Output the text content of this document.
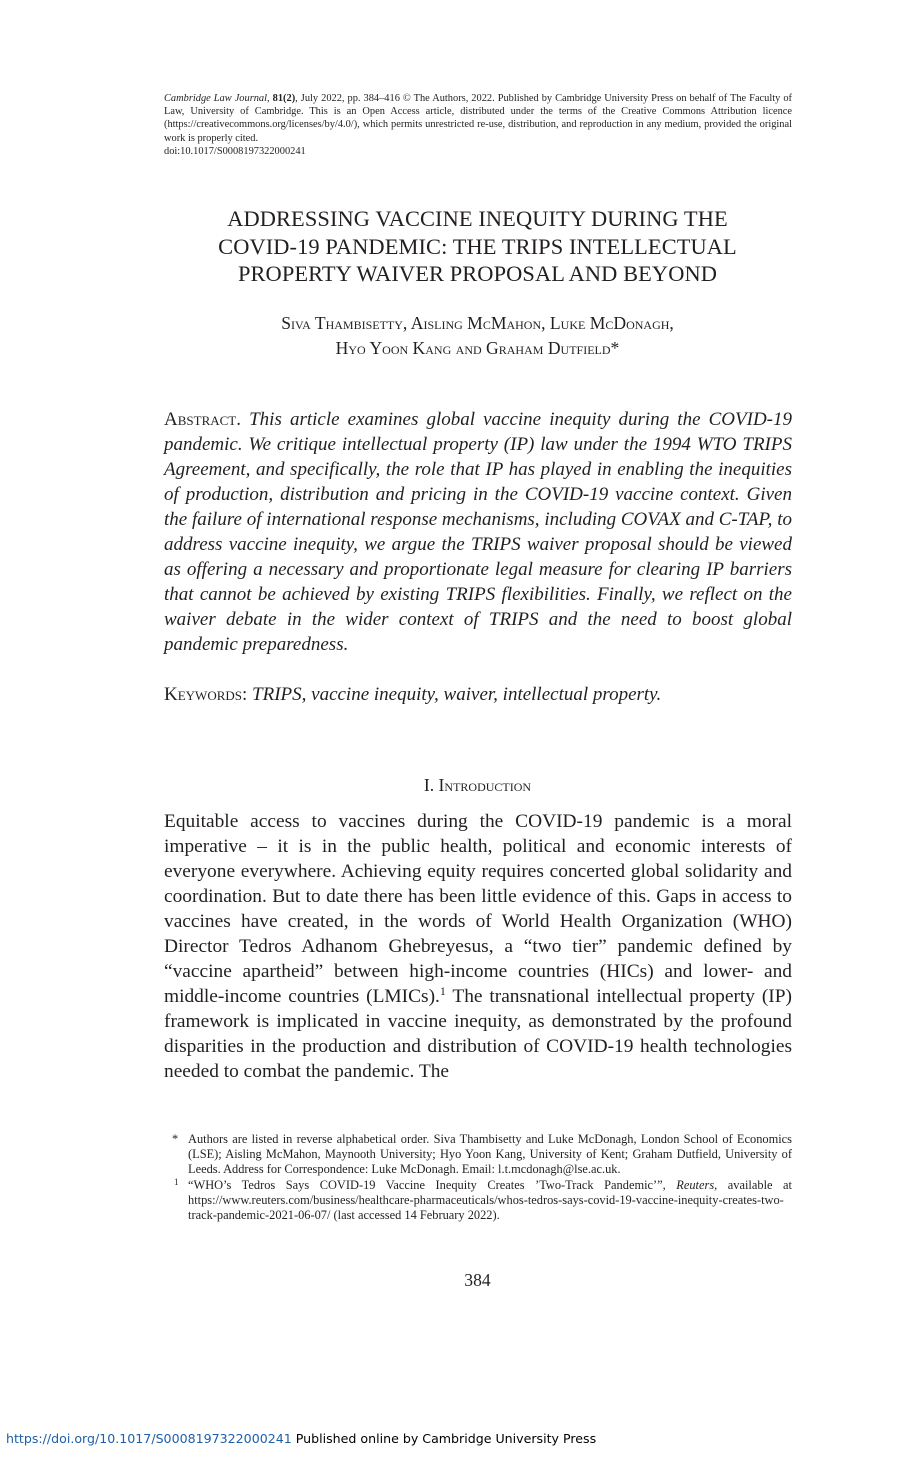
Cambridge Law Journal, 81(2), July 2022, pp. 384–416 © The Authors, 2022. Published by Cambridge University Press on behalf of The Faculty of Law, University of Cambridge. This is an Open Access article, distributed under the terms of the Creative Commons Attribution licence (https://creativecommons.org/licenses/by/4.0/), which permits unrestricted re-use, distribution, and reproduction in any medium, provided the original work is properly cited.
doi:10.1017/S0008197322000241
ADDRESSING VACCINE INEQUITY DURING THE
COVID-19 PANDEMIC: THE TRIPS INTELLECTUAL
PROPERTY WAIVER PROPOSAL AND BEYOND
Siva Thambisetty, Aisling McMahon, Luke McDonagh,
Hyo Yoon Kang and Graham Dutfield*
Abstract. This article examines global vaccine inequity during the COVID-19 pandemic. We critique intellectual property (IP) law under the 1994 WTO TRIPS Agreement, and specifically, the role that IP has played in enabling the inequities of production, distribution and pricing in the COVID-19 vaccine context. Given the failure of international response mechanisms, including COVAX and C-TAP, to address vaccine inequity, we argue the TRIPS waiver proposal should be viewed as offering a necessary and proportionate legal measure for clearing IP barriers that cannot be achieved by existing TRIPS flexibilities. Finally, we reflect on the waiver debate in the wider context of TRIPS and the need to boost global pandemic preparedness.
Keywords: TRIPS, vaccine inequity, waiver, intellectual property.
I. Introduction
Equitable access to vaccines during the COVID-19 pandemic is a moral imperative – it is in the public health, political and economic interests of everyone everywhere. Achieving equity requires concerted global solidarity and coordination. But to date there has been little evidence of this. Gaps in access to vaccines have created, in the words of World Health Organization (WHO) Director Tedros Adhanom Ghebreyesus, a “two tier” pandemic defined by “vaccine apartheid” between high-income countries (HICs) and lower- and middle-income countries (LMICs).$^1$ The transnational intellectual property (IP) framework is implicated in vaccine inequity, as demonstrated by the profound disparities in the production and distribution of COVID-19 health technologies needed to combat the pandemic. The
* Authors are listed in reverse alphabetical order. Siva Thambisetty and Luke McDonagh, London School of Economics (LSE); Aisling McMahon, Maynooth University; Hyo Yoon Kang, University of Kent; Graham Dutfield, University of Leeds. Address for Correspondence: Luke McDonagh. Email: l.t.mcdonagh@lse.ac.uk.
1 “WHO’s Tedros Says COVID-19 Vaccine Inequity Creates ’Two-Track Pandemic’”, Reuters, available at https://www.reuters.com/business/healthcare-pharmaceuticals/whos-tedros-says-covid-19-vaccine-inequity-creates-two-track-pandemic-2021-06-07/ (last accessed 14 February 2022).
384
https://doi.org/10.1017/S0008197322000241 Published online by Cambridge University Press
